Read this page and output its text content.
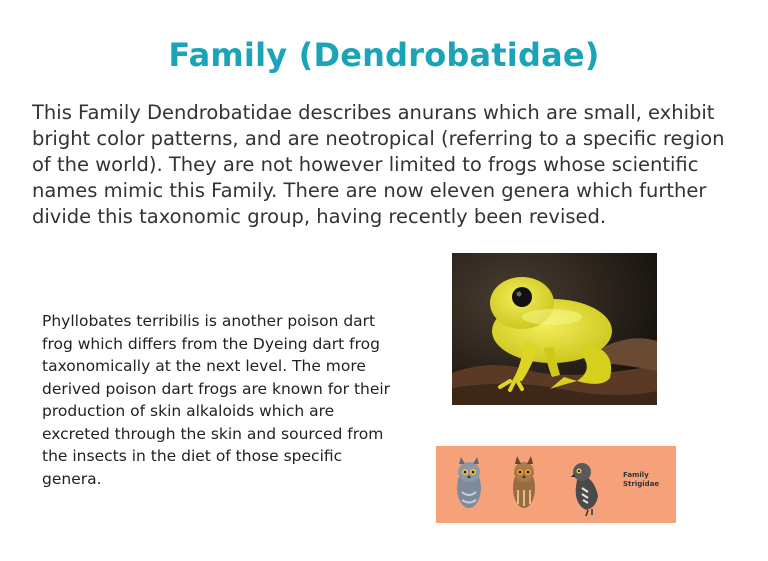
Family (Dendrobatidae)

This Family Dendrobatidae describes anurans which are small, exhibit bright color patterns, and are neotropical (referring to a specific region of the world). They are not however limited to frogs whose scientific names mimic this Family. There are now eleven genera which further divide this taxonomic group, having recently been revised.

Phyllobates terribilis is another poison dart frog which differs from the Dyeing dart frog taxonomically at the next level. The more derived poison dart frogs are known for their production of skin alkaloids which are excreted through the skin and sourced from the insects in the diet of those specific genera.	Family
Strigidae
